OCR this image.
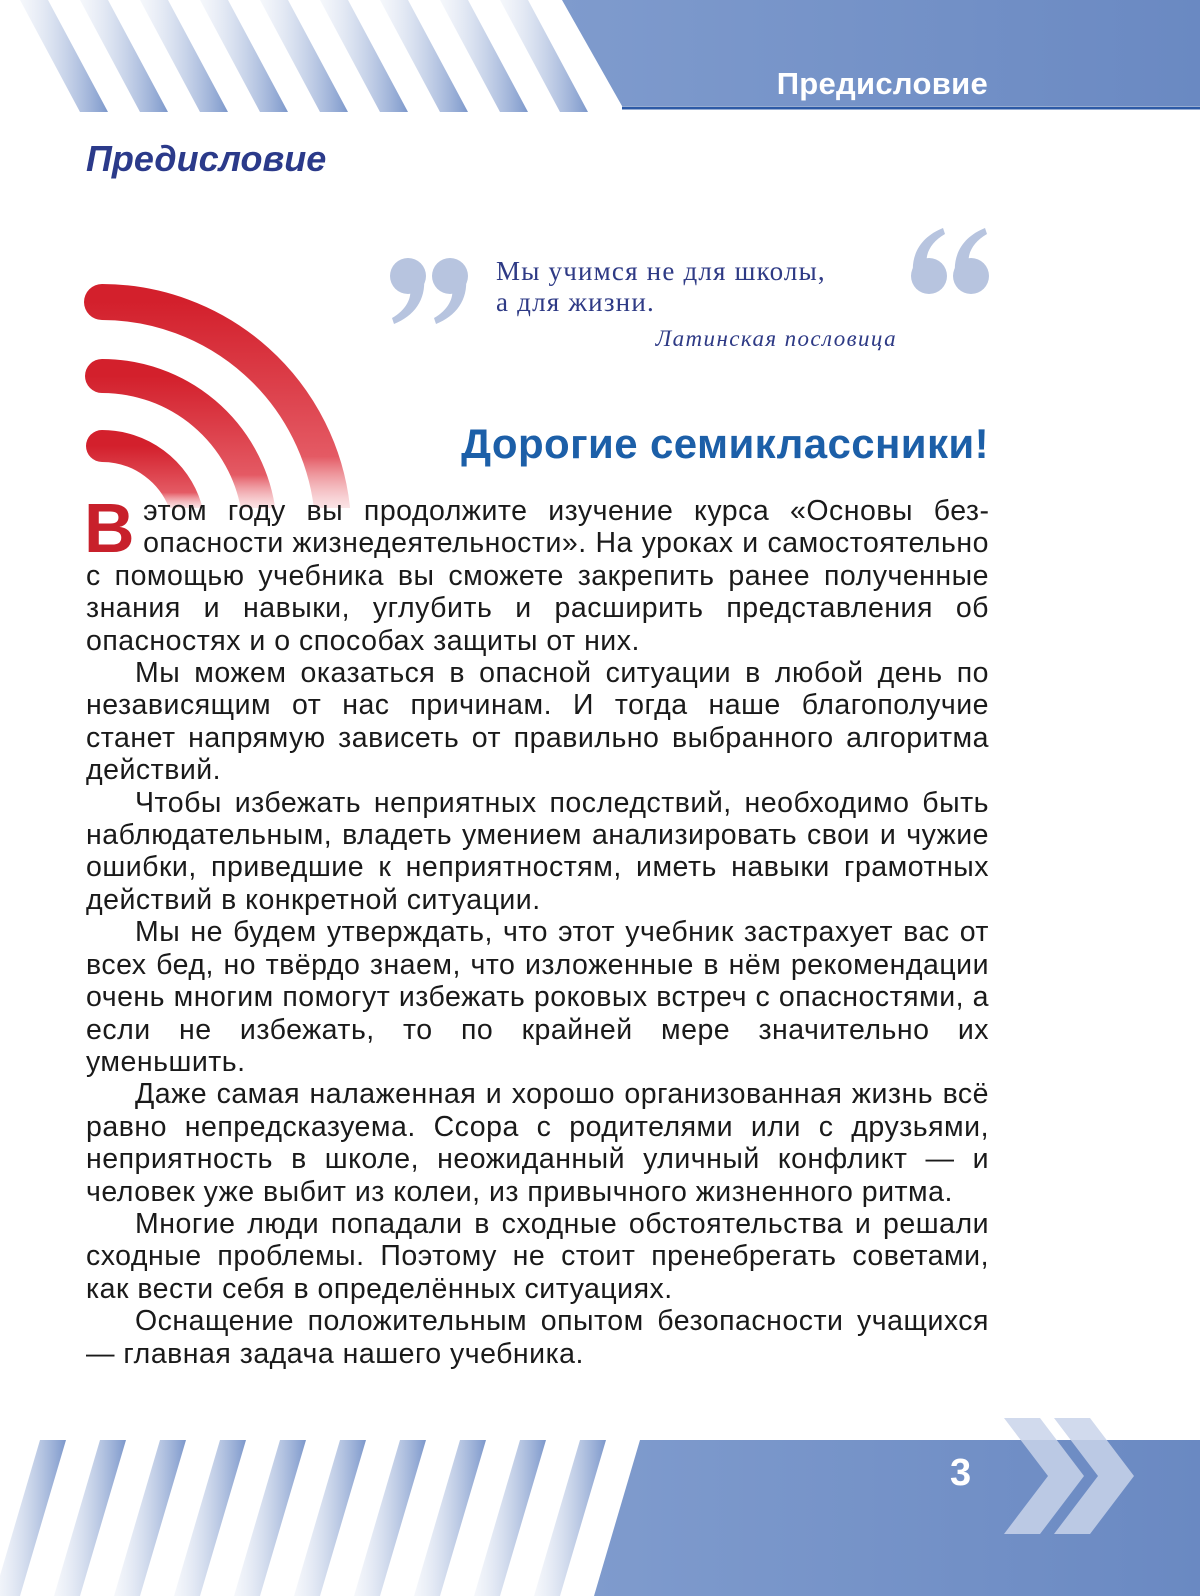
Предисловие
Предисловие
Мы учимся не для школы,
а для жизни.
Латинская пословица
Дорогие семиклассники!

В этом году вы продолжите изучение курса «Основы безопасности жизнедеятельности». На уроках и самостоятельно с помощью учебника вы сможете закрепить ранее полученные знания и навыки, углубить и расширить представления об опасностях и о способах защиты от них.

Мы можем оказаться в опасной ситуации в любой день по независящим от нас причинам. И тогда наше благополучие станет напрямую зависеть от правильно выбранного алгоритма действий.

Чтобы избежать неприятных последствий, необходимо быть наблюдательным, владеть умением анализировать свои и чужие ошибки, приведшие к неприятностям, иметь навыки грамотных действий в конкретной ситуации.

Мы не будем утверждать, что этот учебник застрахует вас от всех бед, но твёрдо знаем, что изложенные в нём рекомендации очень многим помогут избежать роковых встреч с опасностями, а если не избежать, то по крайней мере значительно их уменьшить.

Даже самая налаженная и хорошо организованная жизнь всё равно непредсказуема. Ссора с родителями или с друзьями, неприятность в школе, неожиданный уличный конфликт — и человек уже выбит из колеи, из привычного жизненного ритма.

Многие люди попадали в сходные обстоятельства и решали сходные проблемы. Поэтому не стоит пренебрегать советами, как вести себя в определённых ситуациях.

Оснащение положительным опытом безопасности учащихся — главная задача нашего учебника.

3
